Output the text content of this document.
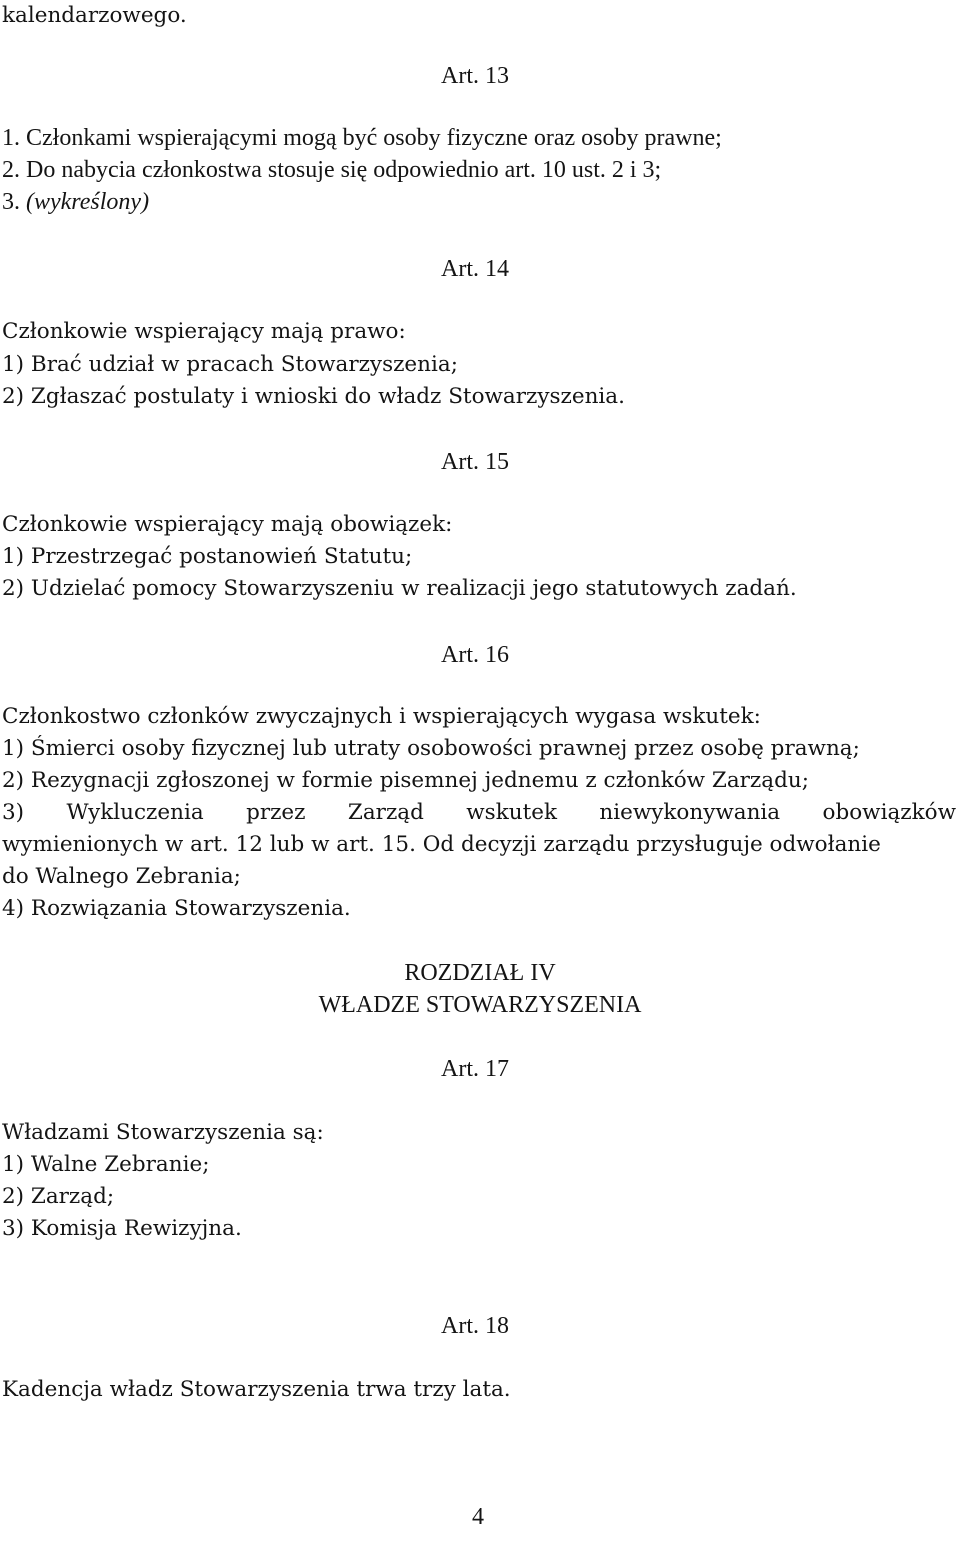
kalendarzowego.
Art. 13
1. Członkami wspierającymi mogą być osoby fizyczne oraz osoby prawne;
2. Do nabycia członkostwa stosuje się odpowiednio art. 10 ust. 2 i 3;
3. (wykreślony)
Art. 14
Członkowie wspierający mają prawo:
1) Brać udział w pracach Stowarzyszenia;
2) Zgłaszać postulaty i wnioski do władz Stowarzyszenia.
Art. 15
Członkowie wspierający mają obowiązek:
1) Przestrzegać postanowień Statutu;
2) Udzielać pomocy Stowarzyszeniu w realizacji jego statutowych zadań.
Art. 16
Członkostwo członków zwyczajnych i wspierających wygasa wskutek:
1) Śmierci osoby fizycznej lub utraty osobowości prawnej przez osobę prawną;
2) Rezygnacji zgłoszonej w formie pisemnej jednemu z członków Zarządu;
3) Wykluczenia przez Zarząd wskutek niewykonywania obowiązków
wymienionych w art. 12 lub w art. 15. Od decyzji zarządu przysługuje odwołanie
do Walnego Zebrania;
4) Rozwiązania Stowarzyszenia.
ROZDZIAŁ IV
WŁADZE STOWARZYSZENIA
Art. 17
Władzami Stowarzyszenia są:
1) Walne Zebranie;
2) Zarząd;
3) Komisja Rewizyjna.
Art. 18
Kadencja władz Stowarzyszenia trwa trzy lata.
4
